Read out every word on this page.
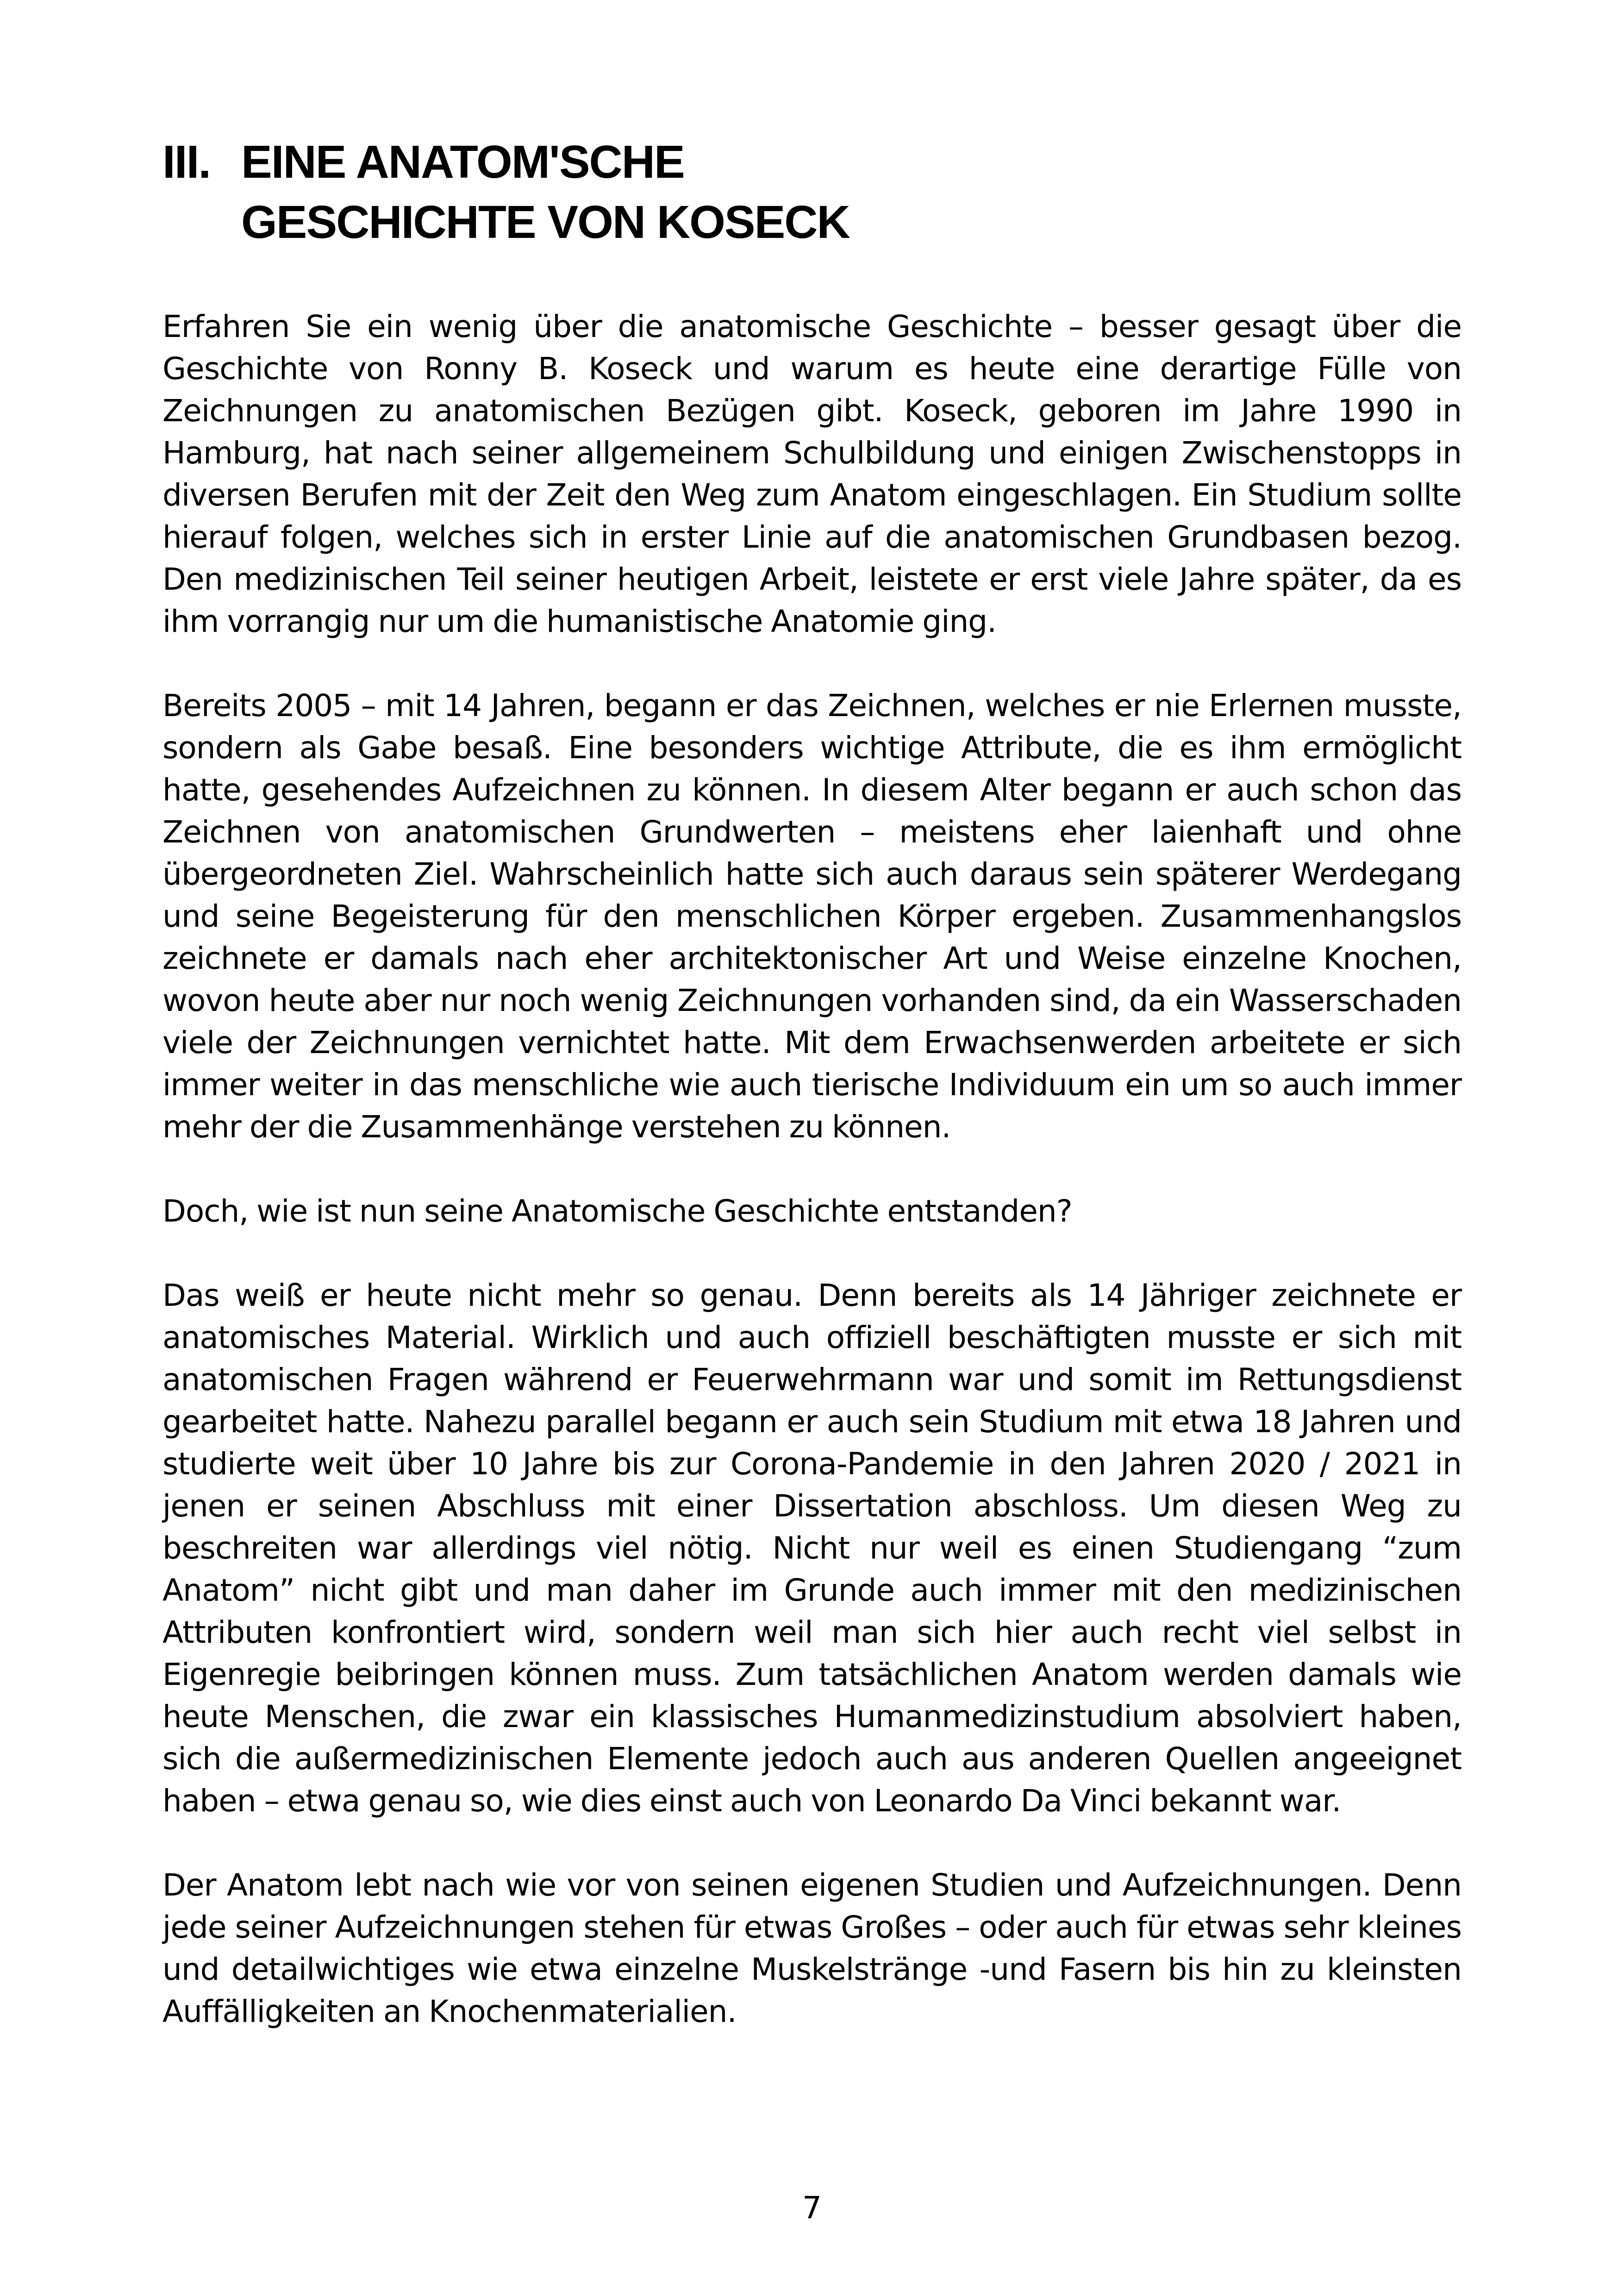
III. EINE ANATOM'SCHE
GESCHICHTE VON KOSECK

Erfahren Sie ein wenig über die anatomische Geschichte – besser gesagt über die Geschichte von Ronny B. Koseck und warum es heute eine derartige Fülle von Zeichnungen zu anatomischen Bezügen gibt. Koseck, geboren im Jahre 1990 in Hamburg, hat nach seiner allgemeinem Schulbildung und einigen Zwischenstopps in diversen Berufen mit der Zeit den Weg zum Anatom eingeschlagen. Ein Studium sollte hierauf folgen, welches sich in erster Linie auf die anatomischen Grundbasen bezog. Den medizinischen Teil seiner heutigen Arbeit, leistete er erst viele Jahre später, da es ihm vorrangig nur um die humanistische Anatomie ging.

Bereits 2005 – mit 14 Jahren, begann er das Zeichnen, welches er nie Erlernen musste, sondern als Gabe besaß. Eine besonders wichtige Attribute, die es ihm ermöglicht hatte, gesehendes Aufzeichnen zu können. In diesem Alter begann er auch schon das Zeichnen von anatomischen Grundwerten – meistens eher laienhaft und ohne übergeordneten Ziel. Wahrscheinlich hatte sich auch daraus sein späterer Werdegang und seine Begeisterung für den menschlichen Körper ergeben. Zusammenhangslos zeichnete er damals nach eher architektonischer Art und Weise einzelne Knochen, wovon heute aber nur noch wenig Zeichnungen vorhanden sind, da ein Wasserschaden viele der Zeichnungen vernichtet hatte. Mit dem Erwachsenwerden arbeitete er sich immer weiter in das menschliche wie auch tierische Individuum ein um so auch immer mehr der die Zusammenhänge verstehen zu können.

Doch, wie ist nun seine Anatomische Geschichte entstanden?

Das weiß er heute nicht mehr so genau. Denn bereits als 14 Jähriger zeichnete er anatomisches Material. Wirklich und auch offiziell beschäftigten musste er sich mit anatomischen Fragen während er Feuerwehrmann war und somit im Rettungsdienst gearbeitet hatte. Nahezu parallel begann er auch sein Studium mit etwa 18 Jahren und studierte weit über 10 Jahre bis zur Corona-Pandemie in den Jahren 2020 / 2021 in jenen er seinen Abschluss mit einer Dissertation abschloss. Um diesen Weg zu beschreiten war allerdings viel nötig. Nicht nur weil es einen Studiengang “zum Anatom” nicht gibt und man daher im Grunde auch immer mit den medizinischen Attributen konfrontiert wird, sondern weil man sich hier auch recht viel selbst in Eigenregie beibringen können muss. Zum tatsächlichen Anatom werden damals wie heute Menschen, die zwar ein klassisches Humanmedizinstudium absolviert haben, sich die außermedizinischen Elemente jedoch auch aus anderen Quellen angeeignet haben – etwa genau so, wie dies einst auch von Leonardo Da Vinci bekannt war.

Der Anatom lebt nach wie vor von seinen eigenen Studien und Aufzeichnungen. Denn jede seiner Aufzeichnungen stehen für etwas Großes – oder auch für etwas sehr kleines und detailwichtiges wie etwa einzelne Muskelstränge -und Fasern bis hin zu kleinsten Auffälligkeiten an Knochenmaterialien.

7
